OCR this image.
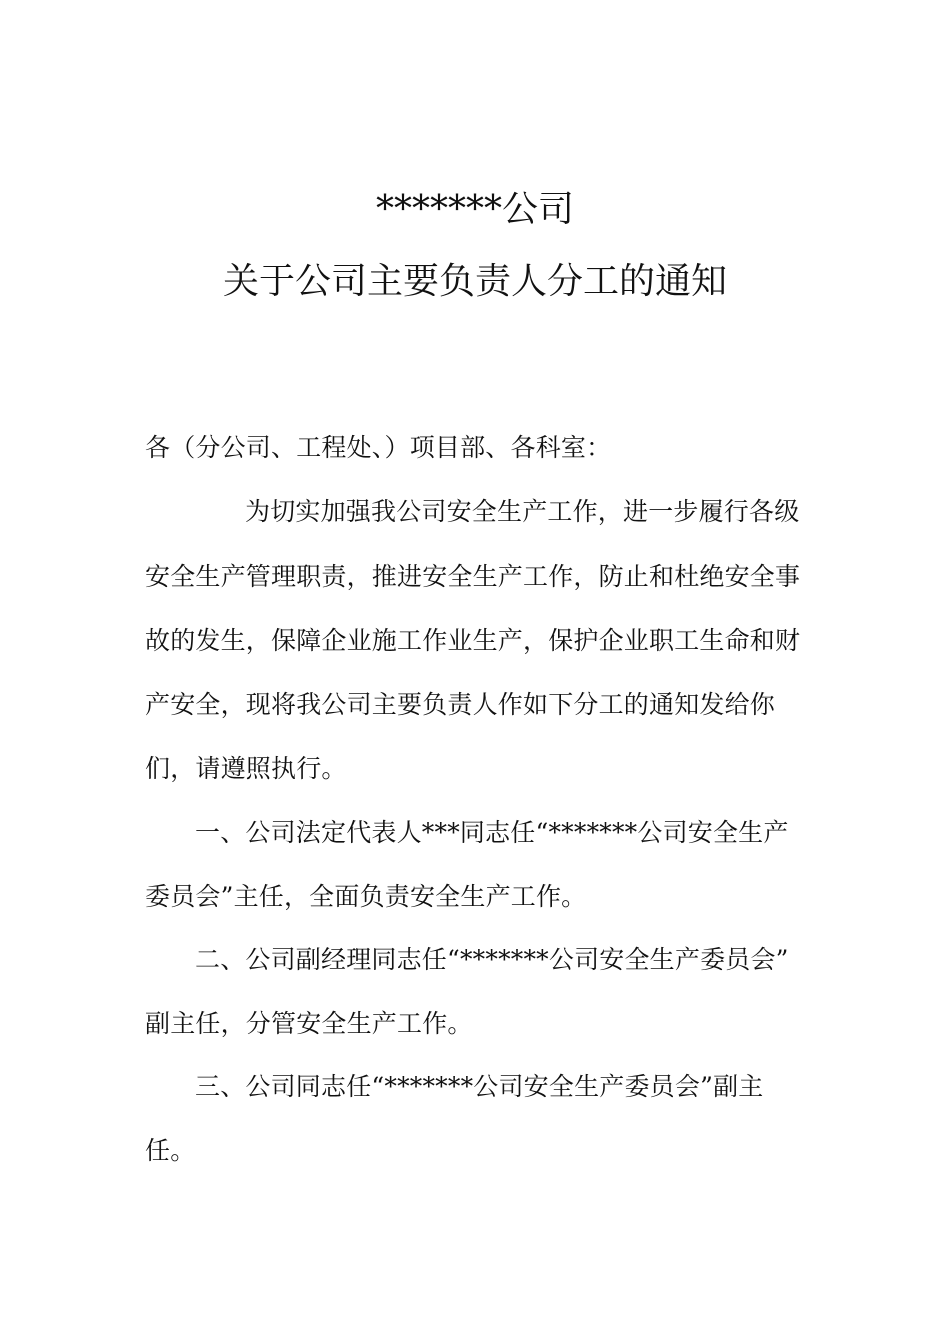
*******公司
关于公司主要负责人分工的通知
各（分公司、工程处、）项目部、各科室：
为切实加强我公司安全生产工作，进一步履行各级
安全生产管理职责，推进安全生产工作，防止和杜绝安全事
故的发生，保障企业施工作业生产，保护企业职工生命和财
产安全，现将我公司主要负责人作如下分工的通知发给你
们，请遵照执行。
一、公司法定代表人***同志任“*******公司安全生产
委员会”主任，全面负责安全生产工作。
二、公司副经理同志任“*******公司安全生产委员会”
副主任，分管安全生产工作。
三、公司同志任“*******公司安全生产委员会”副主
任。
